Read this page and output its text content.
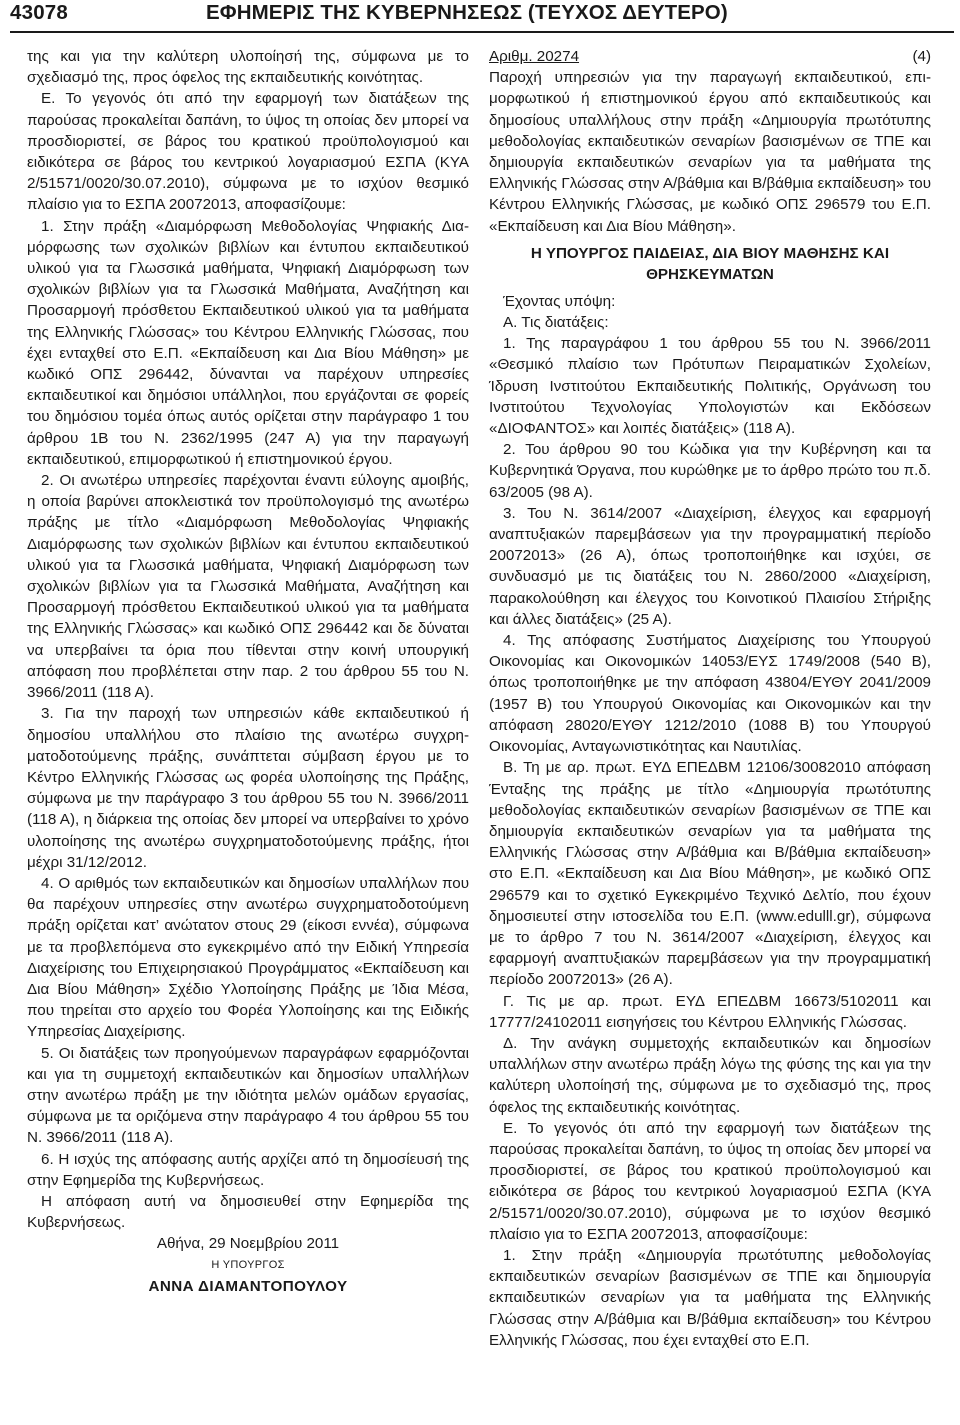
43078	ΕΦΗΜΕΡΙΣ ΤΗΣ ΚΥΒΕΡΝΗΣΕΩΣ (ΤΕΥΧΟΣ ΔΕΥΤΕΡΟ)

της και για την καλύτερη υλοποίησή της, σύμφωνα με το σχεδιασμό της, προς όφελος της εκπαιδευτικής κοινότητας.

Ε. Το γεγονός ότι από την εφαρμογή των διατάξεων της παρούσας προκαλείται δαπάνη, το ύψος τη οποίας δεν μπορεί να προσδιοριστεί, σε βάρος του κρατικού προϋπολογισμού και ειδικότερα σε βάρος του κεντρικού λογαριασμού ΕΣΠΑ (ΚΥΑ 2/51571/0020/30.07.2010), σύμφωνα με το ισχύον θεσμικό πλαίσιο για το ΕΣΠΑ 20072013, αποφασίζουμε:

1. Στην πράξη «Διαμόρφωση Μεθοδολογίας Ψηφιακής Διαμόρφωσης των σχολικών βιβλίων και έντυπου εκπαιδευτικού υλικού για τα Γλωσσικά μαθήματα, Ψηφιακή Διαμόρφωση των σχολικών βιβλίων για τα Γλωσσικά Μαθήματα, Αναζήτηση και Προσαρμογή πρόσθετου Εκπαιδευτικού υλικού για τα μαθήματα της Ελληνικής Γλώσσας» του Κέντρου Ελληνικής Γλώσσας, που έχει ενταχθεί στο Ε.Π. «Εκπαίδευση και Δια Βίου Μάθηση» με κωδικό ΟΠΣ 296442, δύνανται να παρέχουν υπηρεσίες εκπαιδευτικοί και δημόσιοι υπάλληλοι, που εργάζονται σε φορείς του δημόσιου τομέα όπως αυτός ορίζεται στην παράγραφο 1 του άρθρου 1Β του Ν. 2362/1995 (247 Α) για την παραγωγή εκπαιδευτικού, επιμορφωτικού ή επιστημονικού έργου.

2. Οι ανωτέρω υπηρεσίες παρέχονται έναντι εύλογης αμοιβής, η οποία βαρύνει αποκλειστικά τον προϋπολογισμό της ανωτέρω πράξης με τίτλο «Διαμόρφωση Μεθοδολογίας Ψηφιακής Διαμόρφωσης των σχολικών βιβλίων και έντυπου εκπαιδευτικού υλικού για τα Γλωσσικά μαθήματα, Ψηφιακή Διαμόρφωση των σχολικών βιβλίων για τα Γλωσσικά Μαθήματα, Αναζήτηση και Προσαρμογή πρόσθετου Εκπαιδευτικού υλικού για τα μαθήματα της Ελληνικής Γλώσσας» και κωδικό ΟΠΣ 296442 και δε δύναται να υπερβαίνει τα όρια που τίθενται στην κοινή υπουργική απόφαση που προβλέπεται στην παρ. 2 του άρθρου 55 του Ν. 3966/2011 (118 Α).

3. Για την παροχή των υπηρεσιών κάθε εκπαιδευτικού ή δημοσίου υπαλλήλου στο πλαίσιο της ανωτέρω συγχρηματοδοτούμενης πράξης, συνάπτεται σύμβαση έργου με το Κέντρο Ελληνικής Γλώσσας ως φορέα υλοποίησης της Πράξης, σύμφωνα με την παράγραφο 3 του άρθρου 55 του Ν. 3966/2011 (118 Α), η διάρκεια της οποίας δεν μπορεί να υπερβαίνει το χρόνο υλοποίησης της ανωτέρω συγχρηματοδοτούμενης πράξης, ήτοι μέχρι 31/12/2012.

4. Ο αριθμός των εκπαιδευτικών και δημοσίων υπαλλήλων που θα παρέχουν υπηρεσίες στην ανωτέρω συγχρηματοδοτούμενη πράξη ορίζεται κατ’ ανώτατον στους 29 (είκοσι εννέα), σύμφωνα με τα προβλεπόμενα στο εγκεκριμένο από την Ειδική Υπηρεσία Διαχείρισης του Επιχειρησιακού Προγράμματος «Εκπαίδευση και Δια Βίου Μάθηση» Σχέδιο Υλοποίησης Πράξης με Ίδια Μέσα, που τηρείται στο αρχείο του Φορέα Υλοποίησης και της Ειδικής Υπηρεσίας Διαχείρισης.

5. Οι διατάξεις των προηγούμενων παραγράφων εφαρμόζονται και για τη συμμετοχή εκπαιδευτικών και δημοσίων υπαλλήλων στην ανωτέρω πράξη με την ιδιότητα μελών ομάδων εργασίας, σύμφωνα με τα οριζόμενα στην παράγραφο 4 του άρθρου 55 του Ν. 3966/2011 (118 Α).

6. Η ισχύς της απόφασης αυτής αρχίζει από τη δημοσίευσή της στην Εφημερίδα της Κυβερνήσεως.

Η απόφαση αυτή να δημοσιευθεί στην Εφημερίδα της Κυβερνήσεως.

Αθήνα, 29 Νοεμβρίου 2011

Η ΥΠΟΥΡΓΟΣ

ΑΝΝΑ ΔΙΑΜΑΝΤΟΠΟΥΛΟΥ

Αριθμ. 20274	(4)

Παροχή υπηρεσιών για την παραγωγή εκπαιδευτικού, επιμορφωτικού ή επιστημονικού έργου από εκπαιδευτικούς και δημοσίους υπαλλήλους στην πράξη «Δημιουργία πρωτότυπης μεθοδολογίας εκπαιδευτικών σεναρίων βασισμένων σε ΤΠΕ και δημιουργία εκπαιδευτικών σεναρίων για τα μαθήματα της Ελληνικής Γλώσσας στην Α/βάθμια και Β/βάθμια εκπαίδευση» του Κέντρου Ελληνικής Γλώσσας, με κωδικό ΟΠΣ 296579 του Ε.Π. «Εκπαίδευση και Δια Βίου Μάθηση».

Η ΥΠΟΥΡΓΟΣ ΠΑΙΔΕΙΑΣ, ΔΙΑ ΒΙΟΥ ΜΑΘΗΣΗΣ ΚΑΙ ΘΡΗΣΚΕΥΜΑΤΩΝ

Έχοντας υπόψη:

Α. Τις διατάξεις:

1. Της παραγράφου 1 του άρθρου 55 του Ν. 3966/2011 «Θεσμικό πλαίσιο των Πρότυπων Πειραματικών Σχολείων, Ίδρυση Ινστιτούτου Εκπαιδευτικής Πολιτικής, Οργάνωση του Ινστιτούτου Τεχνολογίας Υπολογιστών και Εκδόσεων «ΔΙΟΦΑΝΤΟΣ» και λοιπές διατάξεις» (118 Α).

2. Του άρθρου 90 του Κώδικα για την Κυβέρνηση και τα Κυβερνητικά Όργανα, που κυρώθηκε με το άρθρο πρώτο του π.δ. 63/2005 (98 Α).

3. Του Ν. 3614/2007 «Διαχείριση, έλεγχος και εφαρμογή αναπτυξιακών παρεμβάσεων για την προγραμματική περίοδο 20072013» (26 Α), όπως τροποποιήθηκε και ισχύει, σε συνδυασμό με τις διατάξεις του Ν. 2860/2000 «Διαχείριση, παρακολούθηση και έλεγχος του Κοινοτικού Πλαισίου Στήριξης και άλλες διατάξεις» (25 Α).

4. Της απόφασης Συστήματος Διαχείρισης του Υπουργού Οικονομίας και Οικονομικών 14053/ΕΥΣ 1749/2008 (540 Β), όπως τροποποιήθηκε με την απόφαση 43804/ΕΥΘΥ 2041/2009 (1957 Β) του Υπουργού Οικονομίας και Οικονομικών και την απόφαση 28020/ΕΥΘΥ 1212/2010 (1088 Β) του Υπουργού Οικονομίας, Ανταγωνιστικότητας και Ναυτιλίας.

Β. Τη με αρ. πρωτ. ΕΥΔ ΕΠΕΔΒΜ 12106/30082010 απόφαση Ένταξης της πράξης με τίτλο «Δημιουργία πρωτότυπης μεθοδολογίας εκπαιδευτικών σεναρίων βασισμένων σε ΤΠΕ και δημιουργία εκπαιδευτικών σεναρίων για τα μαθήματα της Ελληνικής Γλώσσας στην Α/βάθμια και Β/βάθμια εκπαίδευση» στο Ε.Π. «Εκπαίδευση και Δια Βίου Μάθηση», με κωδικό ΟΠΣ 296579 και το σχετικό Εγκεκριμένο Τεχνικό Δελτίο, που έχουν δημοσιευτεί στην ιστοσελίδα του Ε.Π. (www.edulll.gr), σύμφωνα με το άρθρο 7 του Ν. 3614/2007 «Διαχείριση, έλεγχος και εφαρμογή αναπτυξιακών παρεμβάσεων για την προγραμματική περίοδο 20072013» (26 Α).

Γ. Τις με αρ. πρωτ. ΕΥΔ ΕΠΕΔΒΜ 16673/5102011 και 17777/24102011 εισηγήσεις του Κέντρου Ελληνικής Γλώσσας.

Δ. Την ανάγκη συμμετοχής εκπαιδευτικών και δημοσίων υπαλλήλων στην ανωτέρω πράξη λόγω της φύσης της και για την καλύτερη υλοποίησή της, σύμφωνα με το σχεδιασμό της, προς όφελος της εκπαιδευτικής κοινότητας.

Ε. Το γεγονός ότι από την εφαρμογή των διατάξεων της παρούσας προκαλείται δαπάνη, το ύψος τη οποίας δεν μπορεί να προσδιοριστεί, σε βάρος του κρατικού προϋπολογισμού και ειδικότερα σε βάρος του κεντρικού λογαριασμού ΕΣΠΑ (ΚΥΑ 2/51571/0020/30.07.2010), σύμφωνα με το ισχύον θεσμικό πλαίσιο για το ΕΣΠΑ 20072013, αποφασίζουμε:

1. Στην πράξη «Δημιουργία πρωτότυπης μεθοδολογίας εκπαιδευτικών σεναρίων βασισμένων σε ΤΠΕ και δημιουργία εκπαιδευτικών σεναρίων για τα μαθήματα της Ελληνικής Γλώσσας στην Α/βάθμια και Β/βάθμια εκπαίδευση» του Κέντρου Ελληνικής Γλώσσας, που έχει ενταχθεί στο Ε.Π.
